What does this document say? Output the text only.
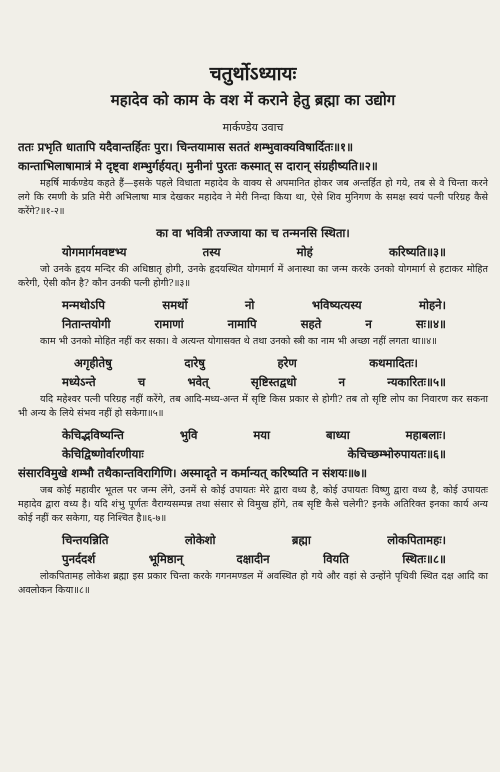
चतुर्थोऽध्यायः
महादेव को काम के वश में कराने हेतु ब्रह्मा का उद्योग
मार्कण्डेय उवाच
ततः प्रभृति धातापि यदैवान्तर्हितः पुरा। चिन्तयामास सततं शम्भुवाक्यविषार्दितः॥१॥
कान्ताभिलाषामात्रं मे दृष्ट्वा शम्भुर्गर्हयत्। मुनीनां पुरतः कस्मात् स दारान् संग्रहीष्यति॥२॥
महर्षि मार्कण्डेय कहते हैं—इसके पहले विधाता महादेव के वाक्य से अपमानित होकर जब अन्तर्हित हो गये, तब से वे चिन्ता करने लगे कि रमणी के प्रति मेरी अभिलाषा मात्र देखकर महादेव ने मेरी निन्दा किया था, ऐसे शिव मुनिगण के समक्ष स्वयं पत्नी परिग्रह कैसे करेंगे?॥१-२॥
का वा भवित्री तज्जाया का च तन्मनसि स्थिता।
योगमार्गमवष्टभ्य	तस्य	मोहं	करिष्यति॥३॥
जो उनके हृदय मन्दिर की अधिष्ठातृ होगी, उनके हृदयस्थित योगमार्ग में अनास्था का जन्म करके उनको योगमार्ग से हटाकर मोहित करेगी, ऐसी कौन है? कौन उनकी पत्नी होगी?॥३॥
मन्मथोऽपि	समर्थो	नो	भविष्यत्यस्य	मोहने।
नितान्तयोगी	रामाणां	नामापि	सहते	न	सः॥४॥
काम भी उनको मोहित नहीं कर सका। वे अत्यन्त योगासक्त थे तथा उनको स्त्री का नाम भी अच्छा नहीं लगता था॥४॥
अगृहीतेषु	दारेषु	हरेण	कथमादितः।
मध्येऽन्ते	च	भवेत्	सृष्टिस्तद्वधो	न	न्यकारितः॥५॥
यदि महेश्वर पत्नी परिग्रह नहीं करेंगे, तब आदि-मध्य-अन्त में सृष्टि किस प्रकार से होगी? तब तो सृष्टि लोप का निवारण कर सकना भी अन्य के लिये संभव नहीं हो सकेगा॥५॥
केचिद्भविष्यन्ति	भुवि	मया	बाध्या	महाबलाः।
केचिद्विष्णोर्वारणीयाः	केचिच्छम्भोरुपायतः॥६॥
संसारविमुखे शम्भौ तथैकान्तविरागिणि। अस्मादृते न कर्मान्यत् करिष्यति न संशयः॥७॥
जब कोई महावीर भूतल पर जन्म लेंगे, उनमें से कोई उपायतः मेरे द्वारा वध्य है, कोई उपायतः विष्णु द्वारा वध्य है, कोई उपायतः महादेव द्वारा वध्य है। यदि शंभु पूर्णतः वैराग्यसम्पन्न तथा संसार से विमुख होंगे, तब सृष्टि कैसे चलेगी? इनके अतिरिक्त इनका कार्य अन्य कोई नहीं कर सकेगा, यह निश्चित है॥६-७॥
चिन्तयन्निति	लोकेशो	ब्रह्मा	लोकपितामहः।
पुनर्ददर्श	भूमिष्ठान्	दक्षादीन	वियति	स्थितः॥८॥
लोकपितामह लोकेश ब्रह्मा इस प्रकार चिन्ता करके गगनमण्डल में अवस्थित हो गये और वहां से उन्होंने पृथिवी स्थित दक्ष आदि का अवलोकन किया॥८॥
